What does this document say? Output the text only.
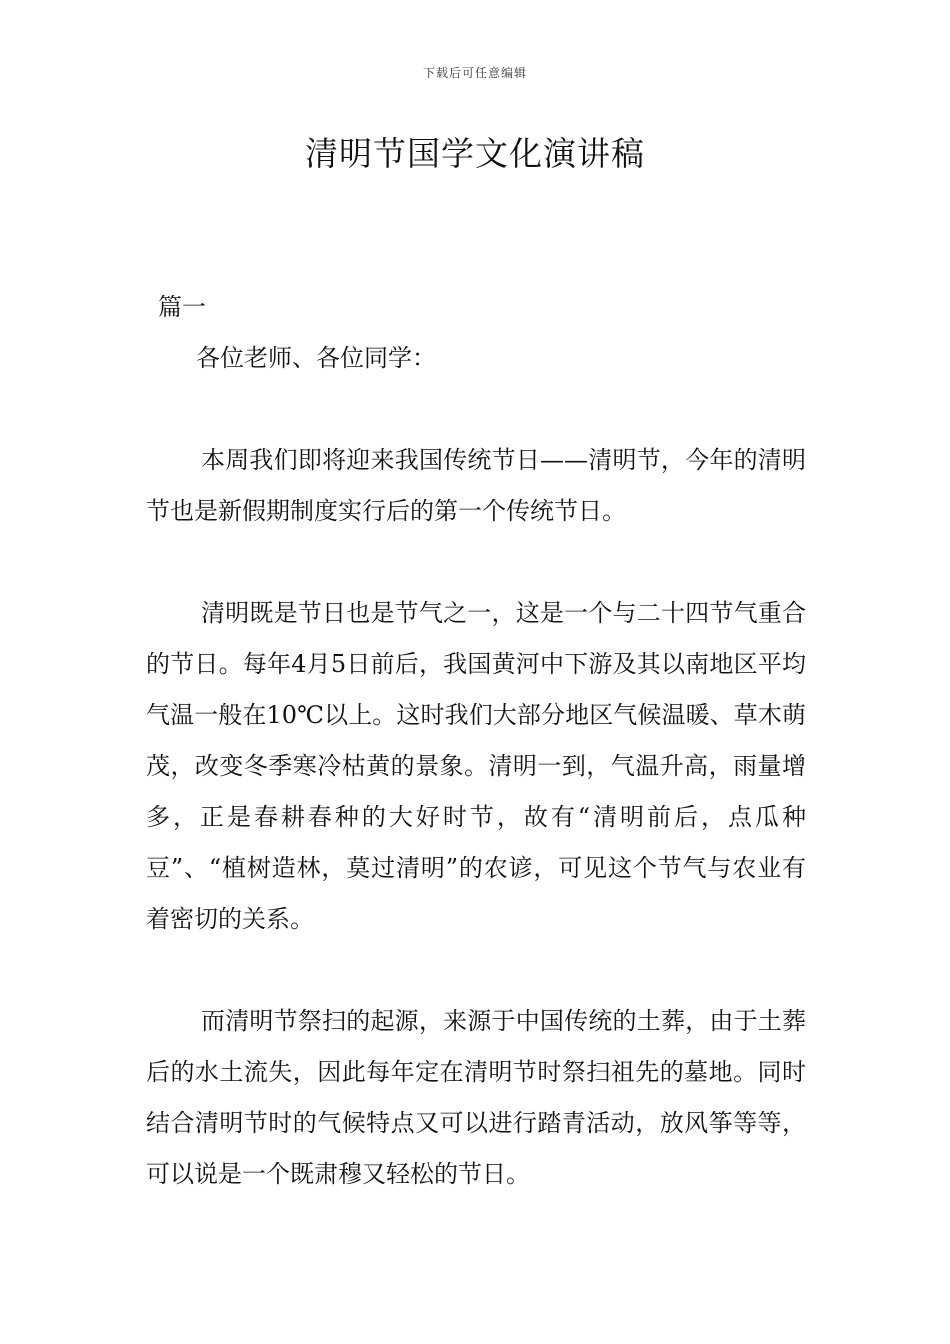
下载后可任意编辑
清明节国学文化演讲稿

篇一

各位老师、各位同学：

本周我们即将迎来我国传统节日——清明节，今年的清明节也是新假期制度实行后的第一个传统节日。

清明既是节日也是节气之一，这是一个与二十四节气重合的节日。每年4月5日前后，我国黄河中下游及其以南地区平均气温一般在10℃以上。这时我们大部分地区气候温暖、草木萌茂，改变冬季寒冷枯黄的景象。清明一到，气温升高，雨量增多，正是春耕春种的大好时节，故有“清明前后，点瓜种豆”、“植树造林，莫过清明”的农谚，可见这个节气与农业有着密切的关系。

而清明节祭扫的起源，来源于中国传统的土葬，由于土葬后的水土流失，因此每年定在清明节时祭扫祖先的墓地。同时结合清明节时的气候特点又可以进行踏青活动，放风筝等等，可以说是一个既肃穆又轻松的节日。
